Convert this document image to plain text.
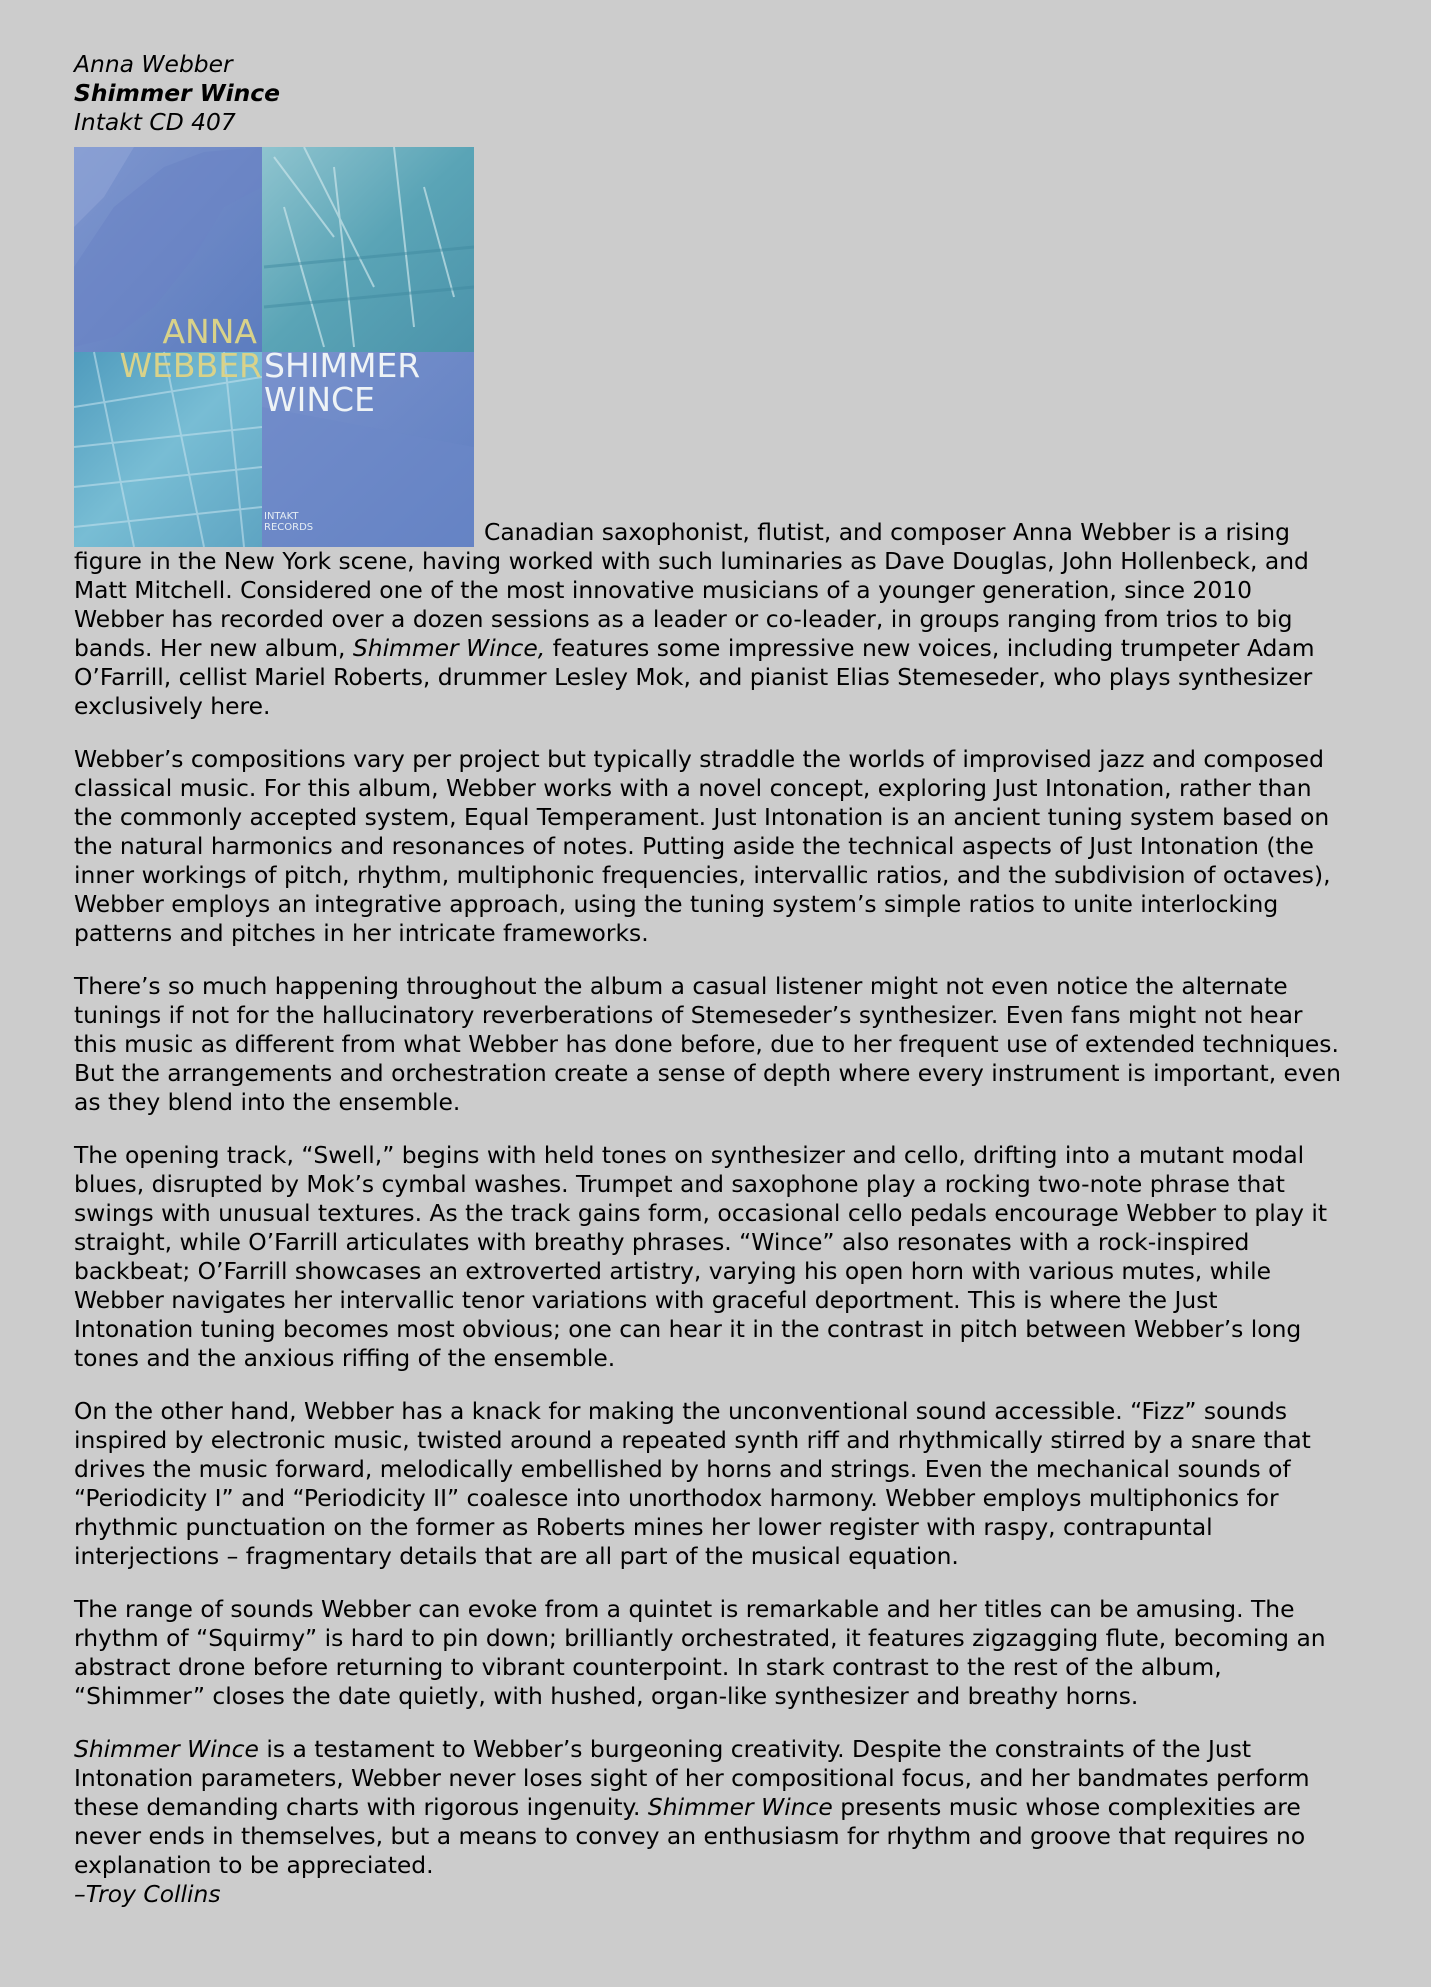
Anna Webber
Shimmer Wince
Intakt CD 407

ANNA
WEBBER SHIMMER
WINCE
INTAKT
RECORDS	Canadian saxophonist, flutist, and composer Anna Webber is a rising figure in the New York scene, having worked with such luminaries as Dave Douglas, John Hollenbeck, and Matt Mitchell. Considered one of the most innovative musicians of a younger generation, since 2010 Webber has recorded over a dozen sessions as a leader or co-leader, in groups ranging from trios to big bands. Her new album, Shimmer Wince, features some impressive new voices, including trumpeter Adam O’Farrill, cellist Mariel Roberts, drummer Lesley Mok, and pianist Elias Stemeseder, who plays synthesizer exclusively here.

Webber’s compositions vary per project but typically straddle the worlds of improvised jazz and composed classical music. For this album, Webber works with a novel concept, exploring Just Intonation, rather than the commonly accepted system, Equal Temperament. Just Intonation is an ancient tuning system based on the natural harmonics and resonances of notes. Putting aside the technical aspects of Just Intonation (the inner workings of pitch, rhythm, multiphonic frequencies, intervallic ratios, and the subdivision of octaves), Webber employs an integrative approach, using the tuning system’s simple ratios to unite interlocking patterns and pitches in her intricate frameworks.

There’s so much happening throughout the album a casual listener might not even notice the alternate tunings if not for the hallucinatory reverberations of Stemeseder’s synthesizer. Even fans might not hear this music as different from what Webber has done before, due to her frequent use of extended techniques. But the arrangements and orchestration create a sense of depth where every instrument is important, even as they blend into the ensemble.

The opening track, “Swell,” begins with held tones on synthesizer and cello, drifting into a mutant modal blues, disrupted by Mok’s cymbal washes. Trumpet and saxophone play a rocking two-note phrase that swings with unusual textures. As the track gains form, occasional cello pedals encourage Webber to play it straight, while O’Farrill articulates with breathy phrases. “Wince” also resonates with a rock-inspired backbeat; O’Farrill showcases an extroverted artistry, varying his open horn with various mutes, while Webber navigates her intervallic tenor variations with graceful deportment. This is where the Just Intonation tuning becomes most obvious; one can hear it in the contrast in pitch between Webber’s long tones and the anxious riffing of the ensemble.

On the other hand, Webber has a knack for making the unconventional sound accessible. “Fizz” sounds inspired by electronic music, twisted around a repeated synth riff and rhythmically stirred by a snare that drives the music forward, melodically embellished by horns and strings. Even the mechanical sounds of “Periodicity I” and “Periodicity II” coalesce into unorthodox harmony. Webber employs multiphonics for rhythmic punctuation on the former as Roberts mines her lower register with raspy, contrapuntal interjections – fragmentary details that are all part of the musical equation.

The range of sounds Webber can evoke from a quintet is remarkable and her titles can be amusing. The rhythm of “Squirmy” is hard to pin down; brilliantly orchestrated, it features zigzagging flute, becoming an abstract drone before returning to vibrant counterpoint. In stark contrast to the rest of the album, “Shimmer” closes the date quietly, with hushed, organ-like synthesizer and breathy horns.

Shimmer Wince is a testament to Webber’s burgeoning creativity. Despite the constraints of the Just Intonation parameters, Webber never loses sight of her compositional focus, and her bandmates perform these demanding charts with rigorous ingenuity. Shimmer Wince presents music whose complexities are never ends in themselves, but a means to convey an enthusiasm for rhythm and groove that requires no explanation to be appreciated.
–Troy Collins
